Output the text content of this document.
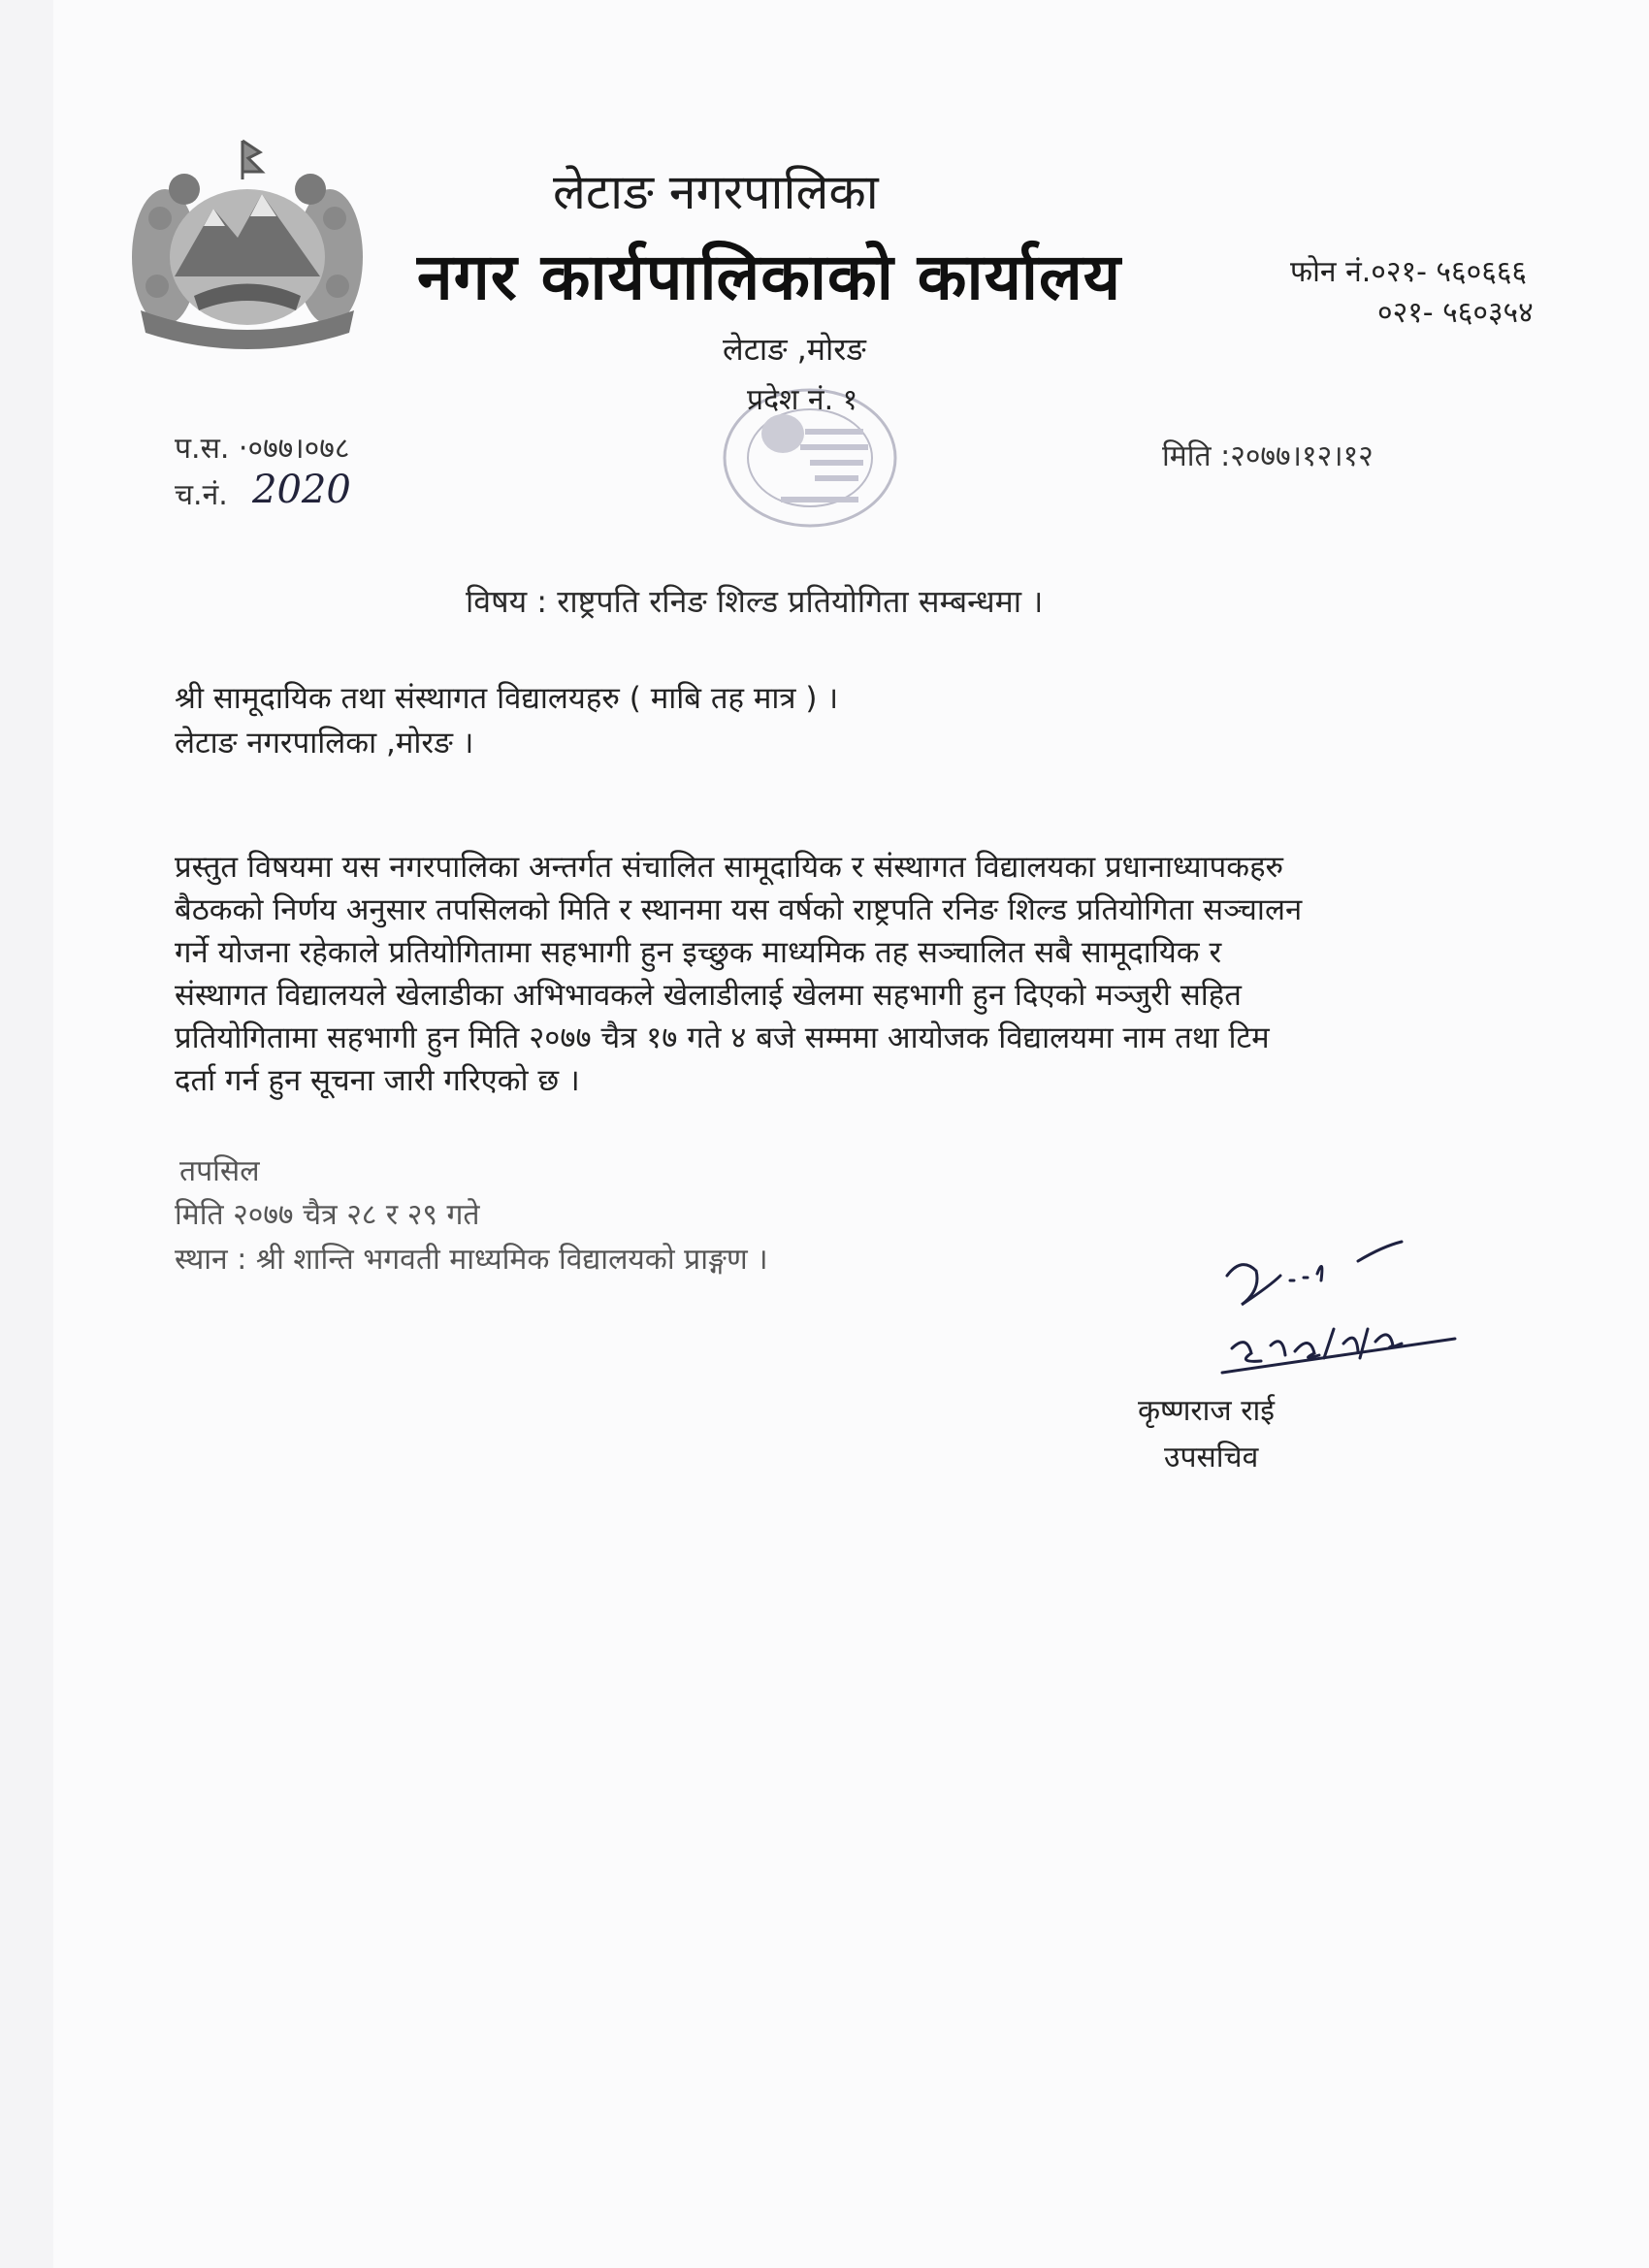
लेटाङ नगरपालिका

नगर कार्यपालिकाको कार्यालय	फोन नं.०२१- ५६०६६६

०२१- ५६०३५४

लेटाङ ,मोरङ

प्रदेश नं. १

प.स. ·०७७।०७८

च.नं. 2020

मिति :२०७७।१२।१२

विषय : राष्ट्रपति रनिङ शिल्ड प्रतियोगिता सम्बन्धमा ।

श्री सामूदायिक तथा संस्थागत विद्यालयहरु ( माबि तह मात्र ) ।

लेटाङ नगरपालिका ,मोरङ ।

प्रस्तुत विषयमा यस नगरपालिका अन्तर्गत संचालित सामूदायिक र संस्थागत विद्यालयका प्रधानाध्यापकहरु
बैठकको निर्णय अनुसार तपसिलको मिति र स्थानमा यस वर्षको राष्ट्रपति रनिङ शिल्ड प्रतियोगिता सञ्चालन
गर्ने योजना रहेकाले प्रतियोगितामा सहभागी हुन इच्छुक माध्यमिक तह सञ्चालित सबै सामूदायिक र
संस्थागत विद्यालयले खेलाडीका अभिभावकले खेलाडीलाई खेलमा सहभागी हुन दिएको मञ्जुरी सहित
प्रतियोगितामा सहभागी हुन मिति २०७७ चैत्र १७ गते ४ बजे सम्ममा आयोजक विद्यालयमा नाम तथा टिम
दर्ता गर्न हुन सूचना जारी गरिएको छ ।

तपसिल

मिति २०७७ चैत्र २८ र २९ गते

स्थान : श्री शान्ति भगवती माध्यमिक विद्यालयको प्राङ्गण ।

कृष्णराज राई

उपसचिव
